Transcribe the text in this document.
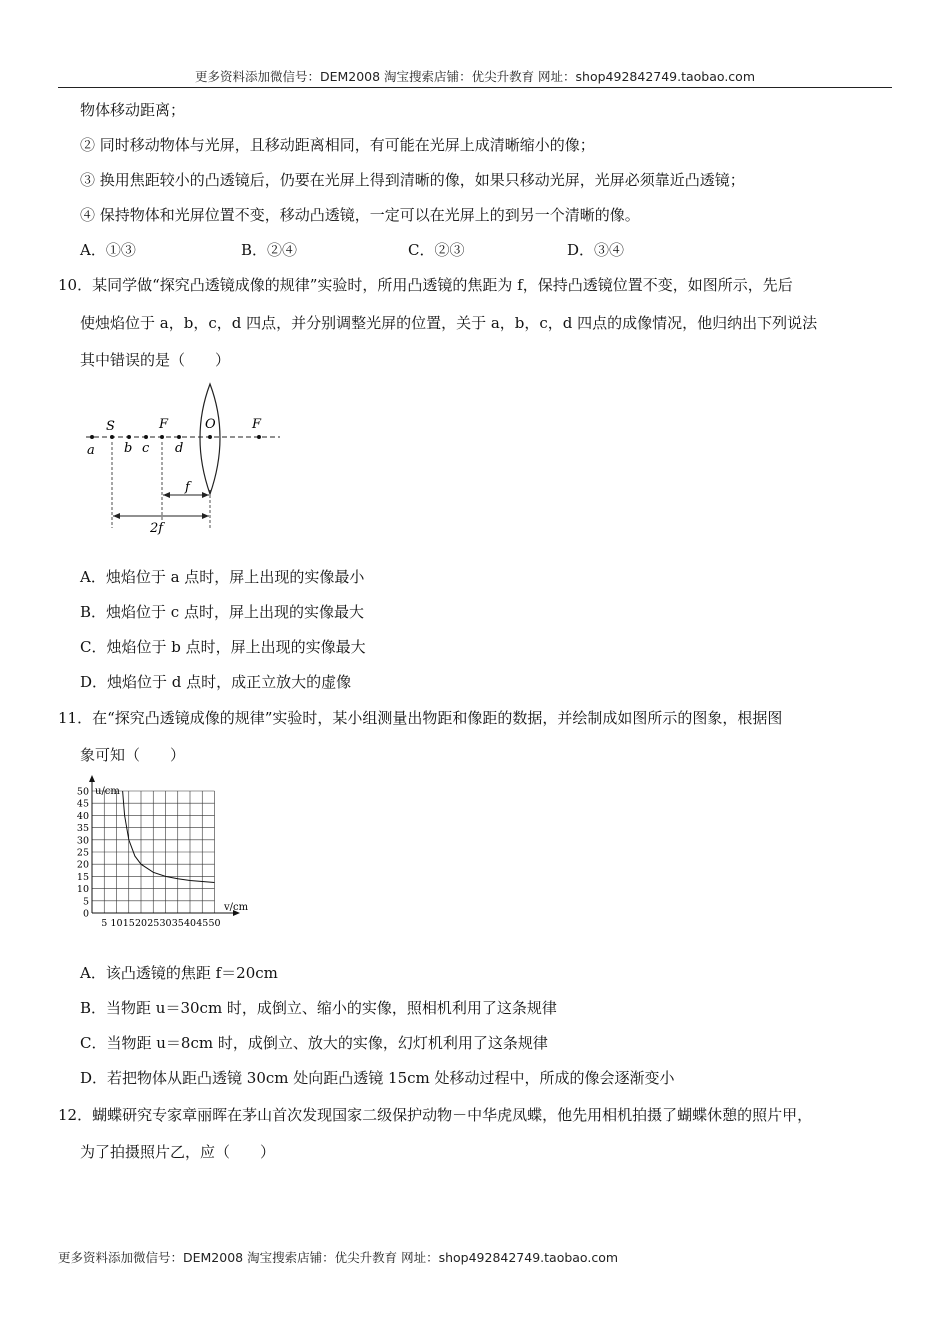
更多资料添加微信号：DEM2008 淘宝搜索店铺：优尖升教育 网址：shop492842749.taobao.com
物体移动距离；
② 同时移动物体与光屏，且移动距离相同，有可能在光屏上成清晰缩小的像；
③ 换用焦距较小的凸透镜后，仍要在光屏上得到清晰的像，如果只移动光屏，光屏必须靠近凸透镜；
④ 保持物体和光屏位置不变，移动凸透镜，一定可以在光屏上的到另一个清晰的像。
A．①③	B．②④	C．②③	D．③④
10．某同学做“探究凸透镜成像的规律”实验时，所用凸透镜的焦距为 f，保持凸透镜位置不变，如图所示，先后
使烛焰位于 a，b，c，d 四点，并分别调整光屏的位置，关于 a，b，c，d 四点的成像情况，他归纳出下列说法
其中错误的是（　　）
S	F	O	F
a b c d
f
2f
A．烛焰位于 a 点时，屏上出现的实像最小
B．烛焰位于 c 点时，屏上出现的实像最大
C．烛焰位于 b 点时，屏上出现的实像最大
D．烛焰位于 d 点时，成正立放大的虚像
11．在“探究凸透镜成像的规律”实验时，某小组测量出物距和像距的数据，并绘制成如图所示的图象，根据图
象可知（　　）
5 10 15 20 25 30 35 40 45 50
0
5
10
15
20
25
30
35
40
45
50 u/cm
v/cm
A．该凸透镜的焦距 f＝20cm
B．当物距 u＝30cm 时，成倒立、缩小的实像，照相机利用了这条规律
C．当物距 u＝8cm 时，成倒立、放大的实像，幻灯机利用了这条规律
D．若把物体从距凸透镜 30cm 处向距凸透镜 15cm 处移动过程中，所成的像会逐渐变小
12．蝴蝶研究专家章丽晖在茅山首次发现国家二级保护动物－中华虎凤蝶，他先用相机拍摄了蝴蝶休憩的照片甲，
为了拍摄照片乙，应（　　）
更多资料添加微信号：DEM2008 淘宝搜索店铺：优尖升教育 网址：shop492842749.taobao.com
